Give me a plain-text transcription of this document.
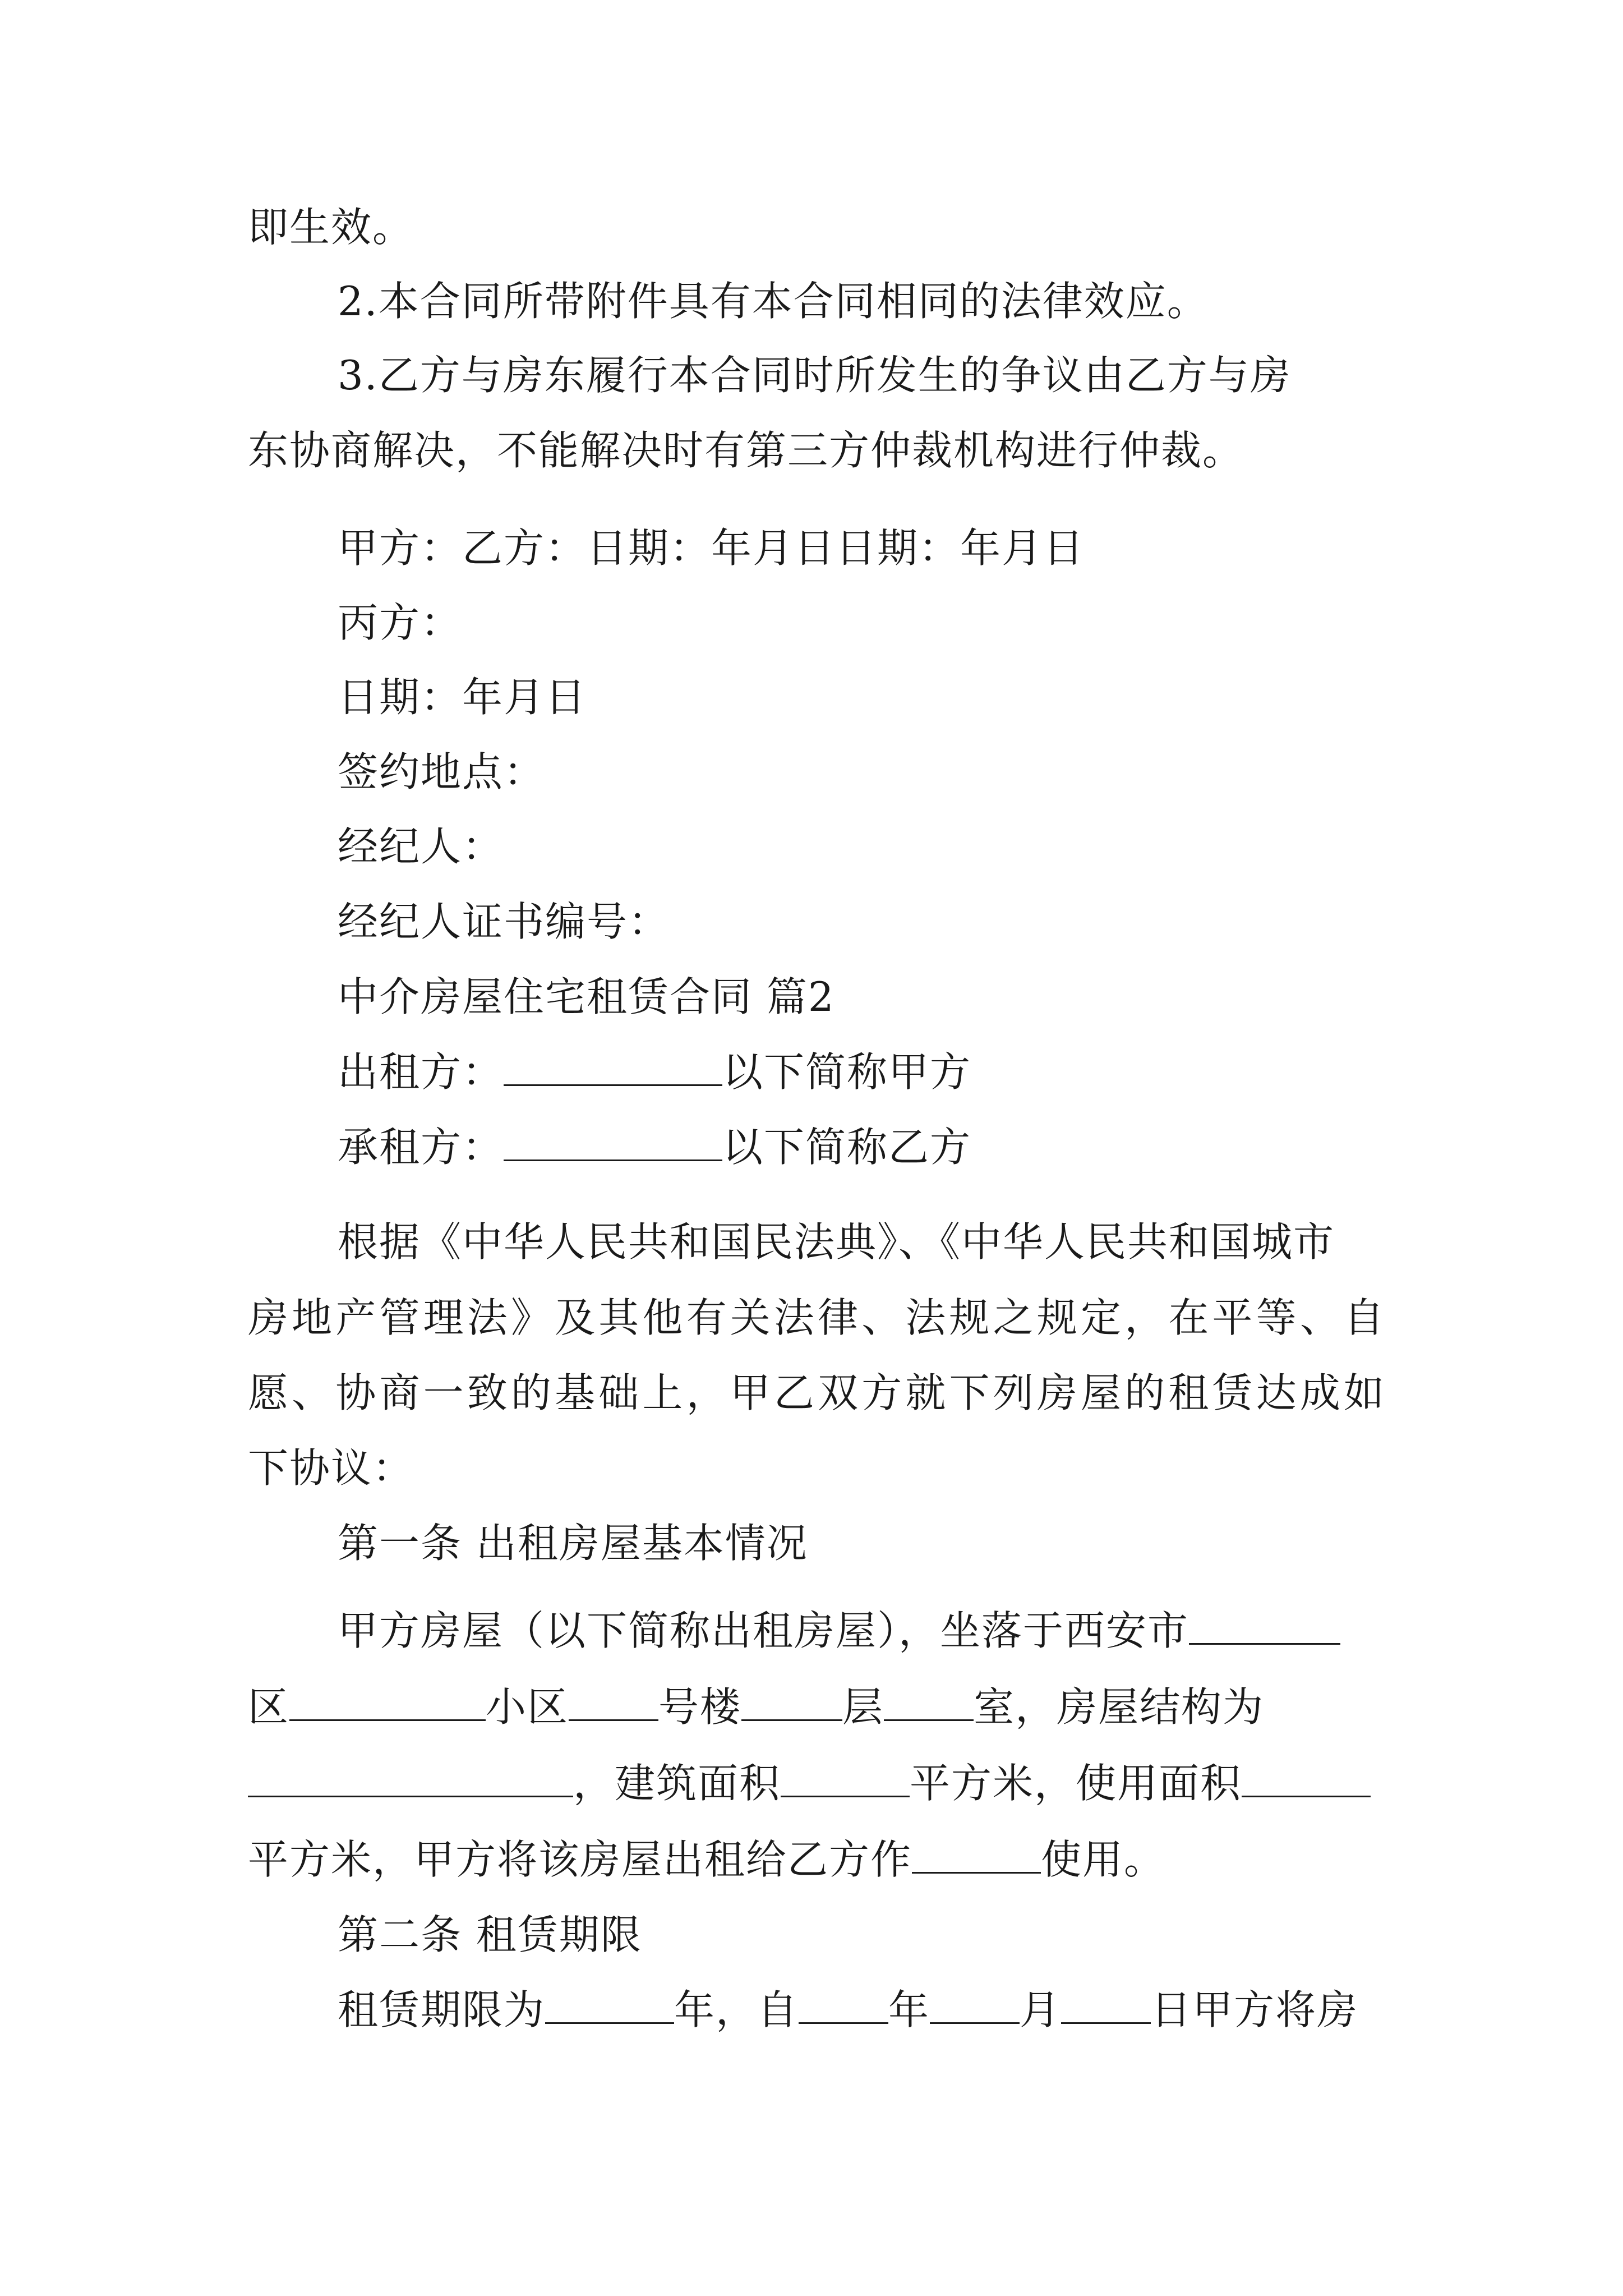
即生效。
2.本合同所带附件具有本合同相同的法律效应。
3.乙方与房东履行本合同时所发生的争议由乙方与房
东协商解决，不能解决时有第三方仲裁机构进行仲裁。
甲方：乙方：日期：年月日日期：年月日
丙方：
日期：年月日
签约地点：
经纪人：
经纪人证书编号：
中介房屋住宅租赁合同 篇2
出租方：	以下简称甲方
承租方：	以下简称乙方
根据《中华人民共和国民法典》、《中华人民共和国城市
房地产管理法》及其他有关法律、法规之规定，在平等、自
愿、协商一致的基础上，甲乙双方就下列房屋的租赁达成如
下协议：
第一条 出租房屋基本情况
甲方房屋（以下简称出租房屋），坐落于西安市
区	小区 号楼	层 室，房屋结构为
，建筑面积	平方米，使用面积
平方米，甲方将该房屋出租给乙方作	使用。
第二条 租赁期限
租赁期限为	年，自 年 月 日甲方将房
